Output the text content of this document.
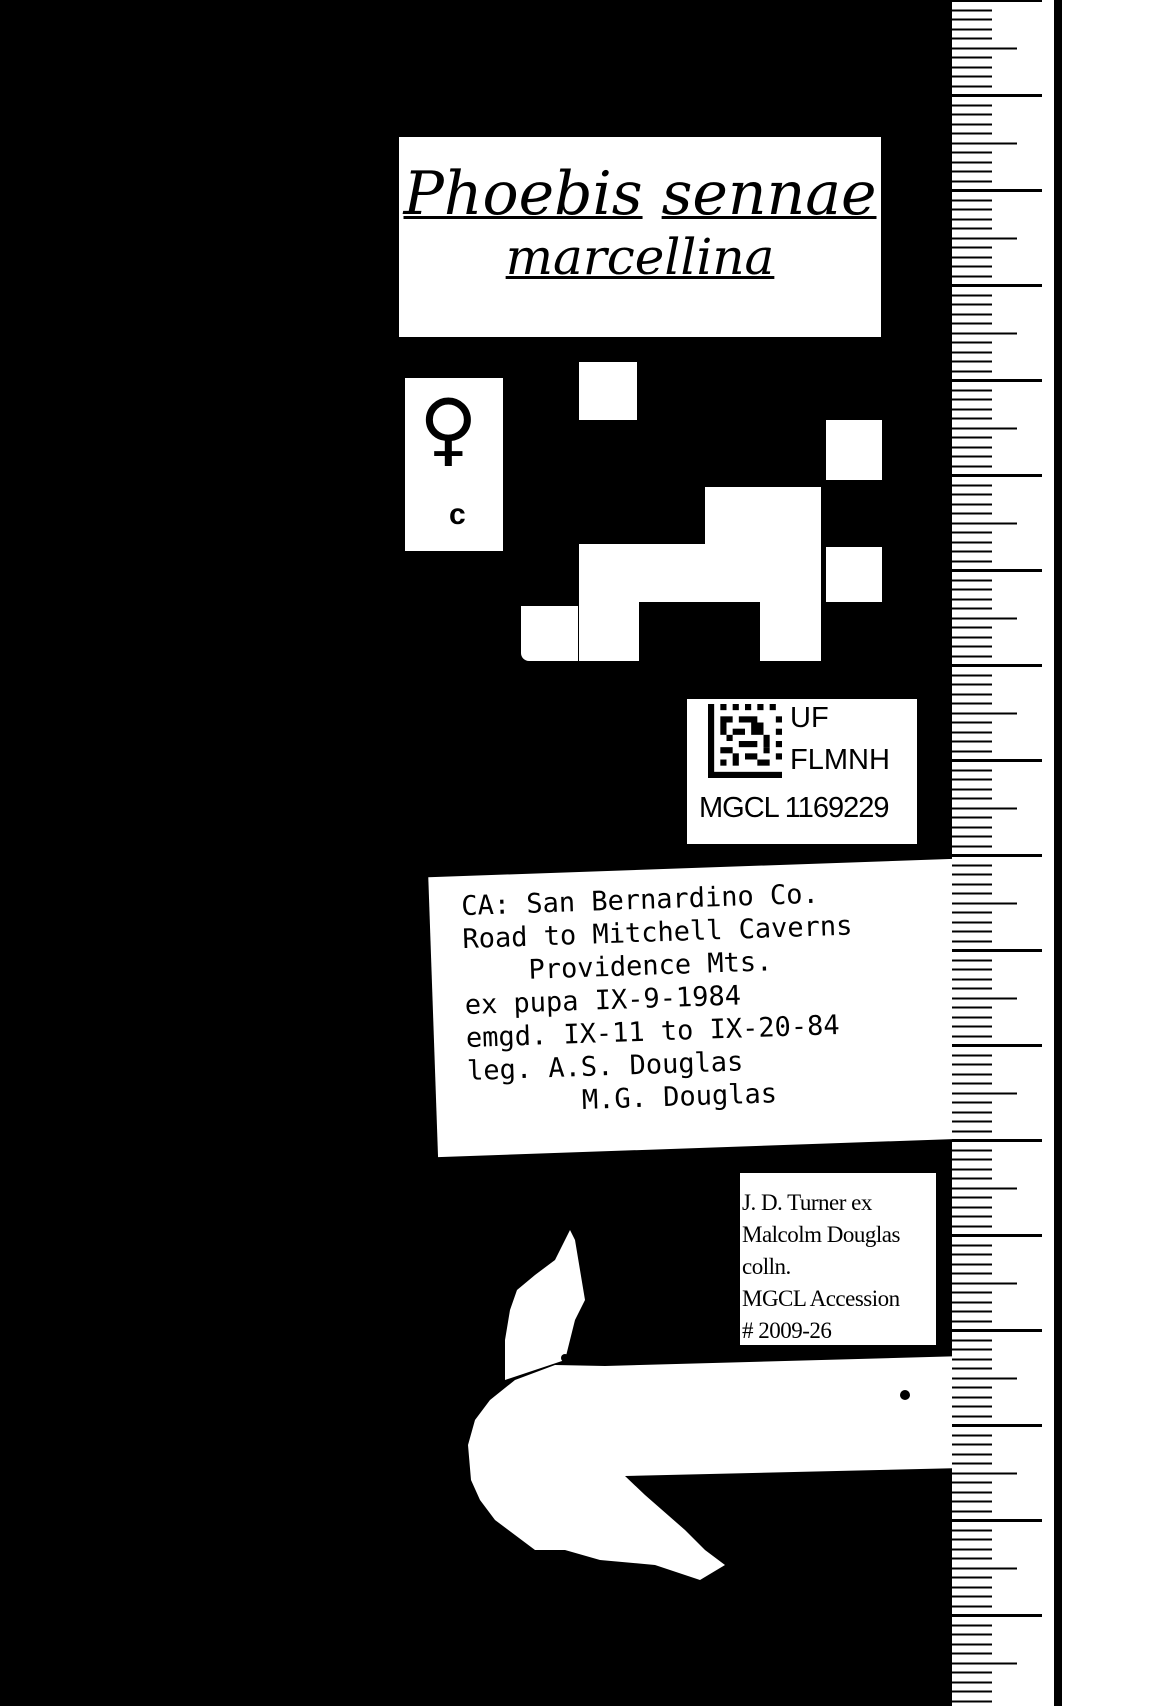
Phoebis sennae
marcellina
♀
c
UF
FLMNH
MGCL 1169229
CA: San Bernardino Co.
Road to Mitchell Caverns
Providence Mts.
ex pupa IX-9-1984
emgd. IX-11 to IX-20-84
leg. A.S. Douglas
M.G. Douglas
J. D. Turner ex
Malcolm Douglas
colln.
MGCL Accession
# 2009-26
